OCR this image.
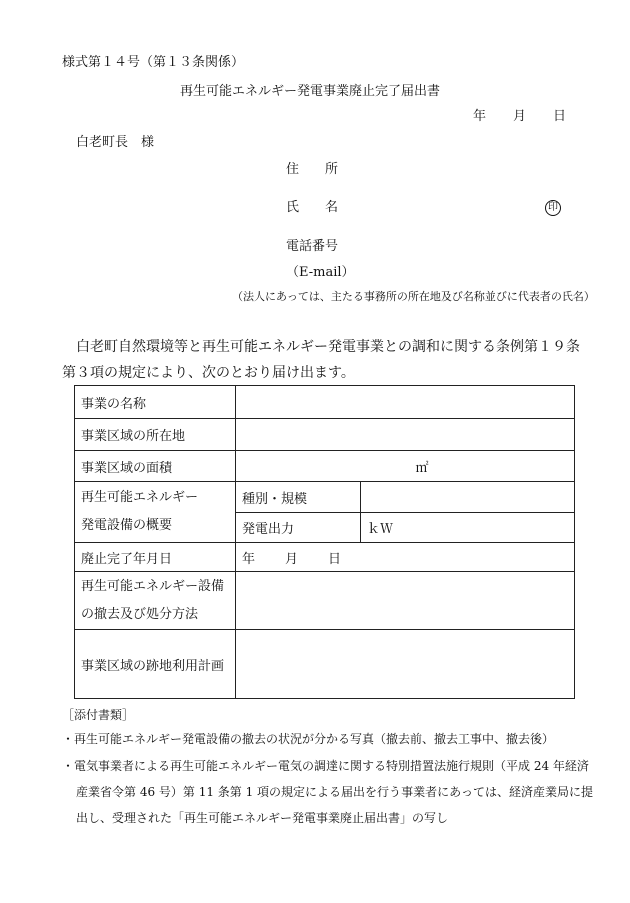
様式第１４号（第１３条関係）
再生可能エネルギー発電事業廃止完了届出書
年 月 日
白老町長　様
住　　所
氏　　名	印
電話番号
（E-mail）
（法人にあっては、主たる事務所の所在地及び名称並びに代表者の氏名）
白老町自然環境等と再生可能エネルギー発電事業との調和に関する条例第１９条
第３項の規定により、次のとおり届け出ます。
事業の名称		
事業区域の所在地		
事業区域の面積	㎡	

再生可能エネルギー
発電設備の概要	種別・規模	
	発電出力	ｋＷ
廃止完了年月日	年 月 日	

再生可能エネルギー設備
の撤去及び処分方法		

事業区域の跡地利用計画		
［添付書類］
・再生可能エネルギー発電設備の撤去の状況が分かる写真（撤去前、撤去工事中、撤去後）
・電気事業者による再生可能エネルギー電気の調達に関する特別措置法施行規則（平成 24 年経済
産業省令第 46 号）第 11 条第 1 項の規定による届出を行う事業者にあっては、経済産業局に提
出し、受理された「再生可能エネルギー発電事業廃止届出書」の写し
